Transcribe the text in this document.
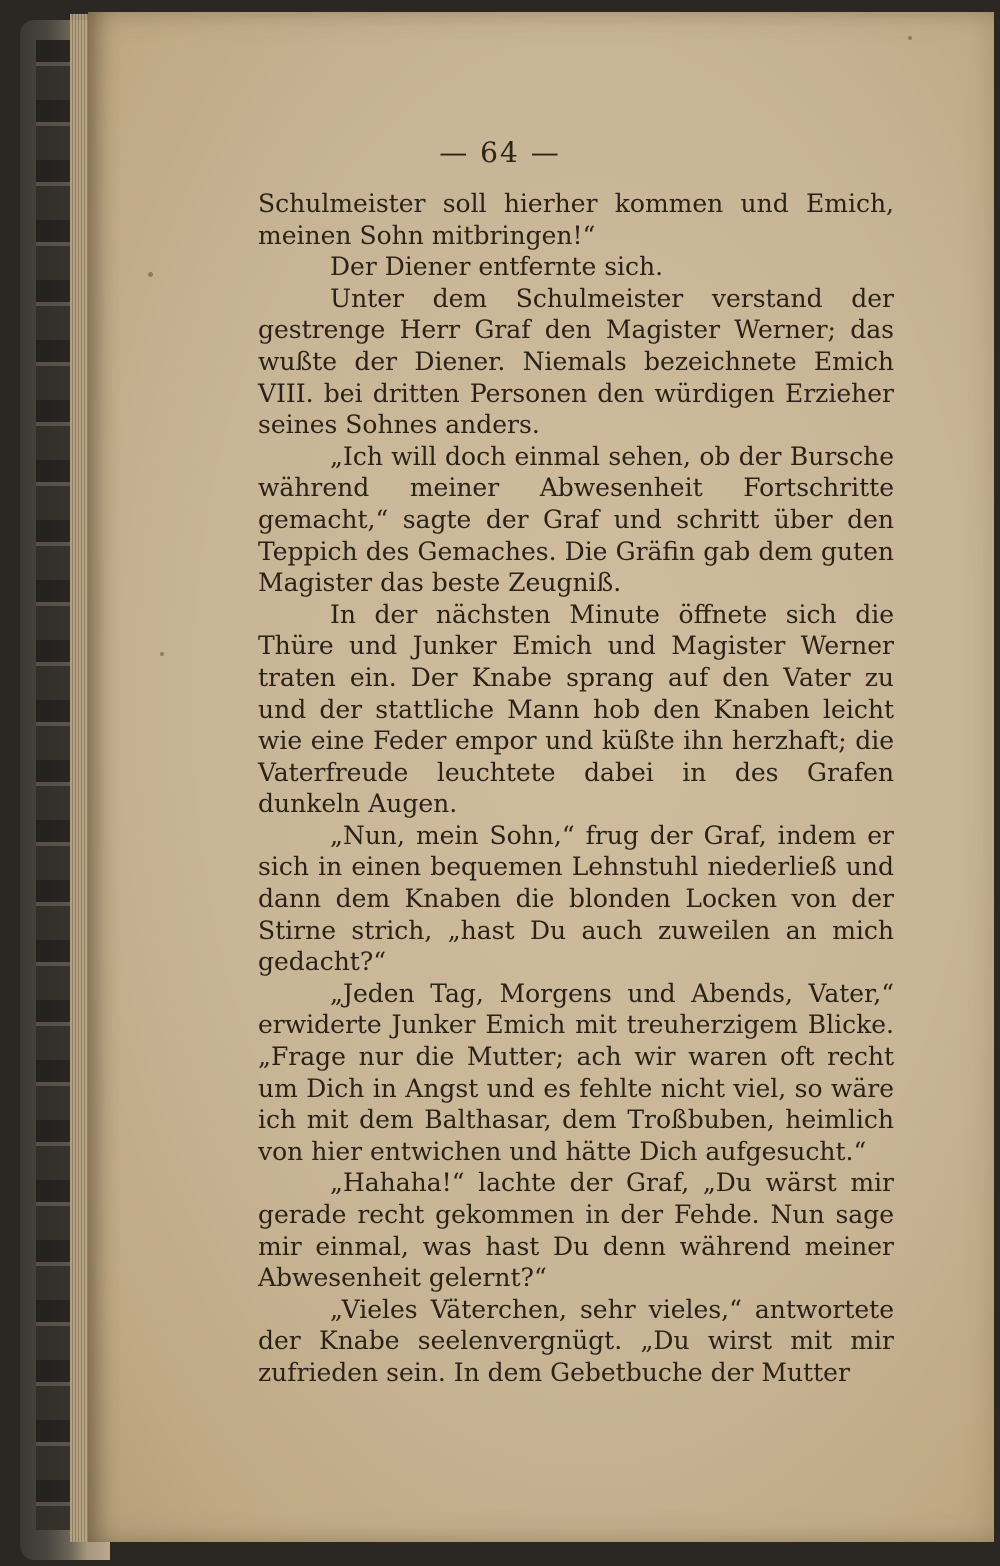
— 64 —

Schulmeister soll hierher kommen und Emich, meinen Sohn mitbringen!“

Der Diener entfernte sich.

Unter dem Schulmeister verstand der gestrenge Herr Graf den Magister Werner; das wußte der Diener. Niemals bezeichnete Emich VIII. bei dritten Personen den würdigen Erzieher seines Sohnes anders.

„Ich will doch einmal sehen, ob der Bursche während meiner Abwesenheit Fortschritte gemacht,“ sagte der Graf und schritt über den Teppich des Gemaches. Die Gräfin gab dem guten Magister das beste Zeugniß.

In der nächsten Minute öffnete sich die Thüre und Junker Emich und Magister Werner traten ein. Der Knabe sprang auf den Vater zu und der stattliche Mann hob den Knaben leicht wie eine Feder empor und küßte ihn herzhaft; die Vaterfreude leuchtete dabei in des Grafen dunkeln Augen.

„Nun, mein Sohn,“ frug der Graf, indem er sich in einen bequemen Lehnstuhl niederließ und dann dem Knaben die blonden Locken von der Stirne strich, „hast Du auch zuweilen an mich gedacht?“

„Jeden Tag, Morgens und Abends, Vater,“ erwiderte Junker Emich mit treuherzigem Blicke. „Frage nur die Mutter; ach wir waren oft recht um Dich in Angst und es fehlte nicht viel, so wäre ich mit dem Balthasar, dem Troßbuben, heimlich von hier entwichen und hätte Dich aufgesucht.“

„Hahaha!“ lachte der Graf, „Du wärst mir gerade recht gekommen in der Fehde. Nun sage mir einmal, was hast Du denn während meiner Abwesenheit gelernt?“

„Vieles Väterchen, sehr vieles,“ antwortete der Knabe seelenvergnügt. „Du wirst mit mir zufrieden sein. In dem Gebetbuche der Mutter
